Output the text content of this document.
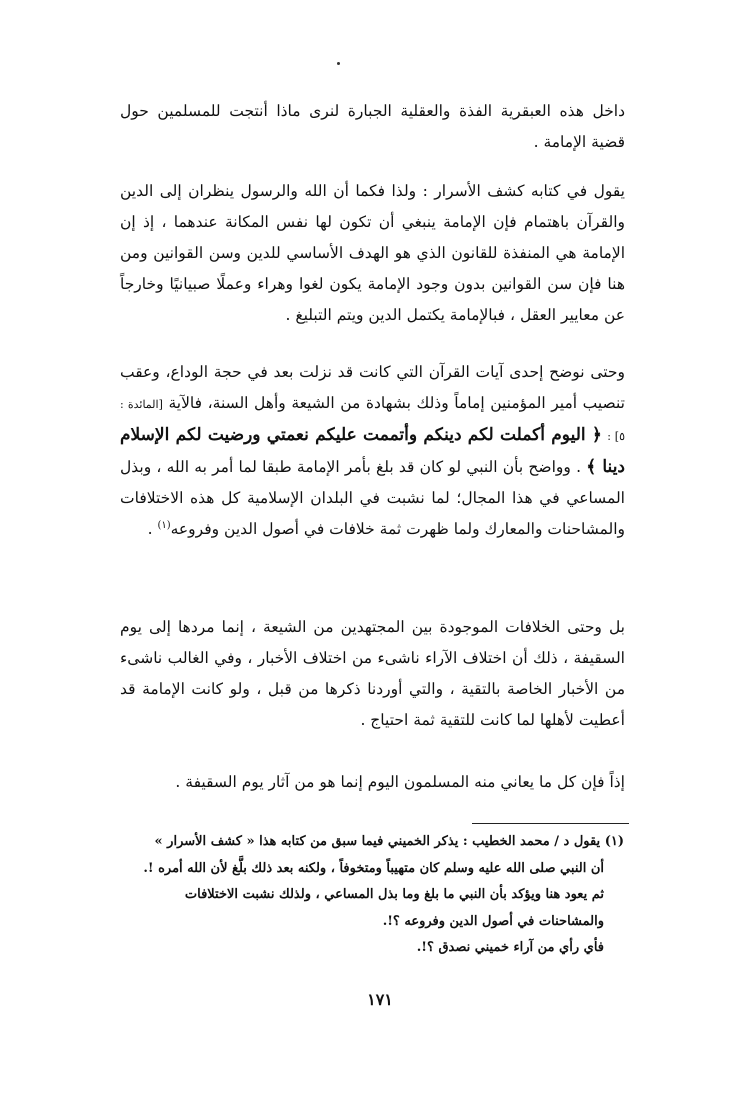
داخل هذه العبقرية الفذة والعقلية الجبارة لنرى ماذا أنتجت للمسلمين حول قضية الإمامة .

يقول في كتابه كشف الأسرار : ولذا فكما أن الله والرسول ينظران إلى الدين والقرآن باهتمام فإن الإمامة ينبغي أن تكون لها نفس المكانة عندهما ، إذ إن الإمامة هي المنفذة للقانون الذي هو الهدف الأساسي للدين وسن القوانين ومن هنا فإن سن القوانين بدون وجود الإمامة يكون لغوا وهراء وعملًا صبيانيًا وخارجاً عن معايير العقل ، فبالإمامة يكتمل الدين ويتم التبليغ .

وحتى نوضح إحدى آيات القرآن التي كانت قد نزلت بعد في حجة الوداع، وعقب تنصيب أمير المؤمنين إماماً وذلك بشهادة من الشيعة وأهل السنة، فالآية [المائدة : ٥] : ﴿ اليوم أكملت لكم دينكم وأتممت عليكم نعمتي ورضيت لكم الإسلام دينا ﴾ . وواضح بأن النبي لو كان قد بلغ بأمر الإمامة طبقا لما أمر به الله ، وبذل المساعي في هذا المجال؛ لما نشبت في البلدان الإسلامية كل هذه الاختلافات والمشاحنات والمعارك ولما ظهرت ثمة خلافات في أصول الدين وفروعه$^{(١)}$ .

بل وحتى الخلافات الموجودة بين المجتهدين من الشيعة ، إنما مردها إلى يوم السقيفة ، ذلك أن اختلاف الآراء ناشىء من اختلاف الأخبار ، وفي الغالب ناشىء من الأخبار الخاصة بالتقية ، والتي أوردنا ذكرها من قبل ، ولو كانت الإمامة قد أعطيت لأهلها لما كانت للتقية ثمة احتياج .

إذاً فإن كل ما يعاني منه المسلمون اليوم إنما هو من آثار يوم السقيفة .

(١) يقول د / محمد الخطيب : يذكر الخميني فيما سبق من كتابه هذا « كشف الأسرار »
أن النبي صلى الله عليه وسلم كان متهيباً ومتخوفاً ، ولكنه بعد ذلك بلَّغ لأن الله أمره !.
ثم يعود هنا ويؤكد بأن النبي ما بلغ وما بذل المساعي ، ولذلك نشبت الاختلافات
والمشاحنات في أصول الدين وفروعه ؟!.
فأي رأي من آراء خميني نصدق ؟!.
١٧١
